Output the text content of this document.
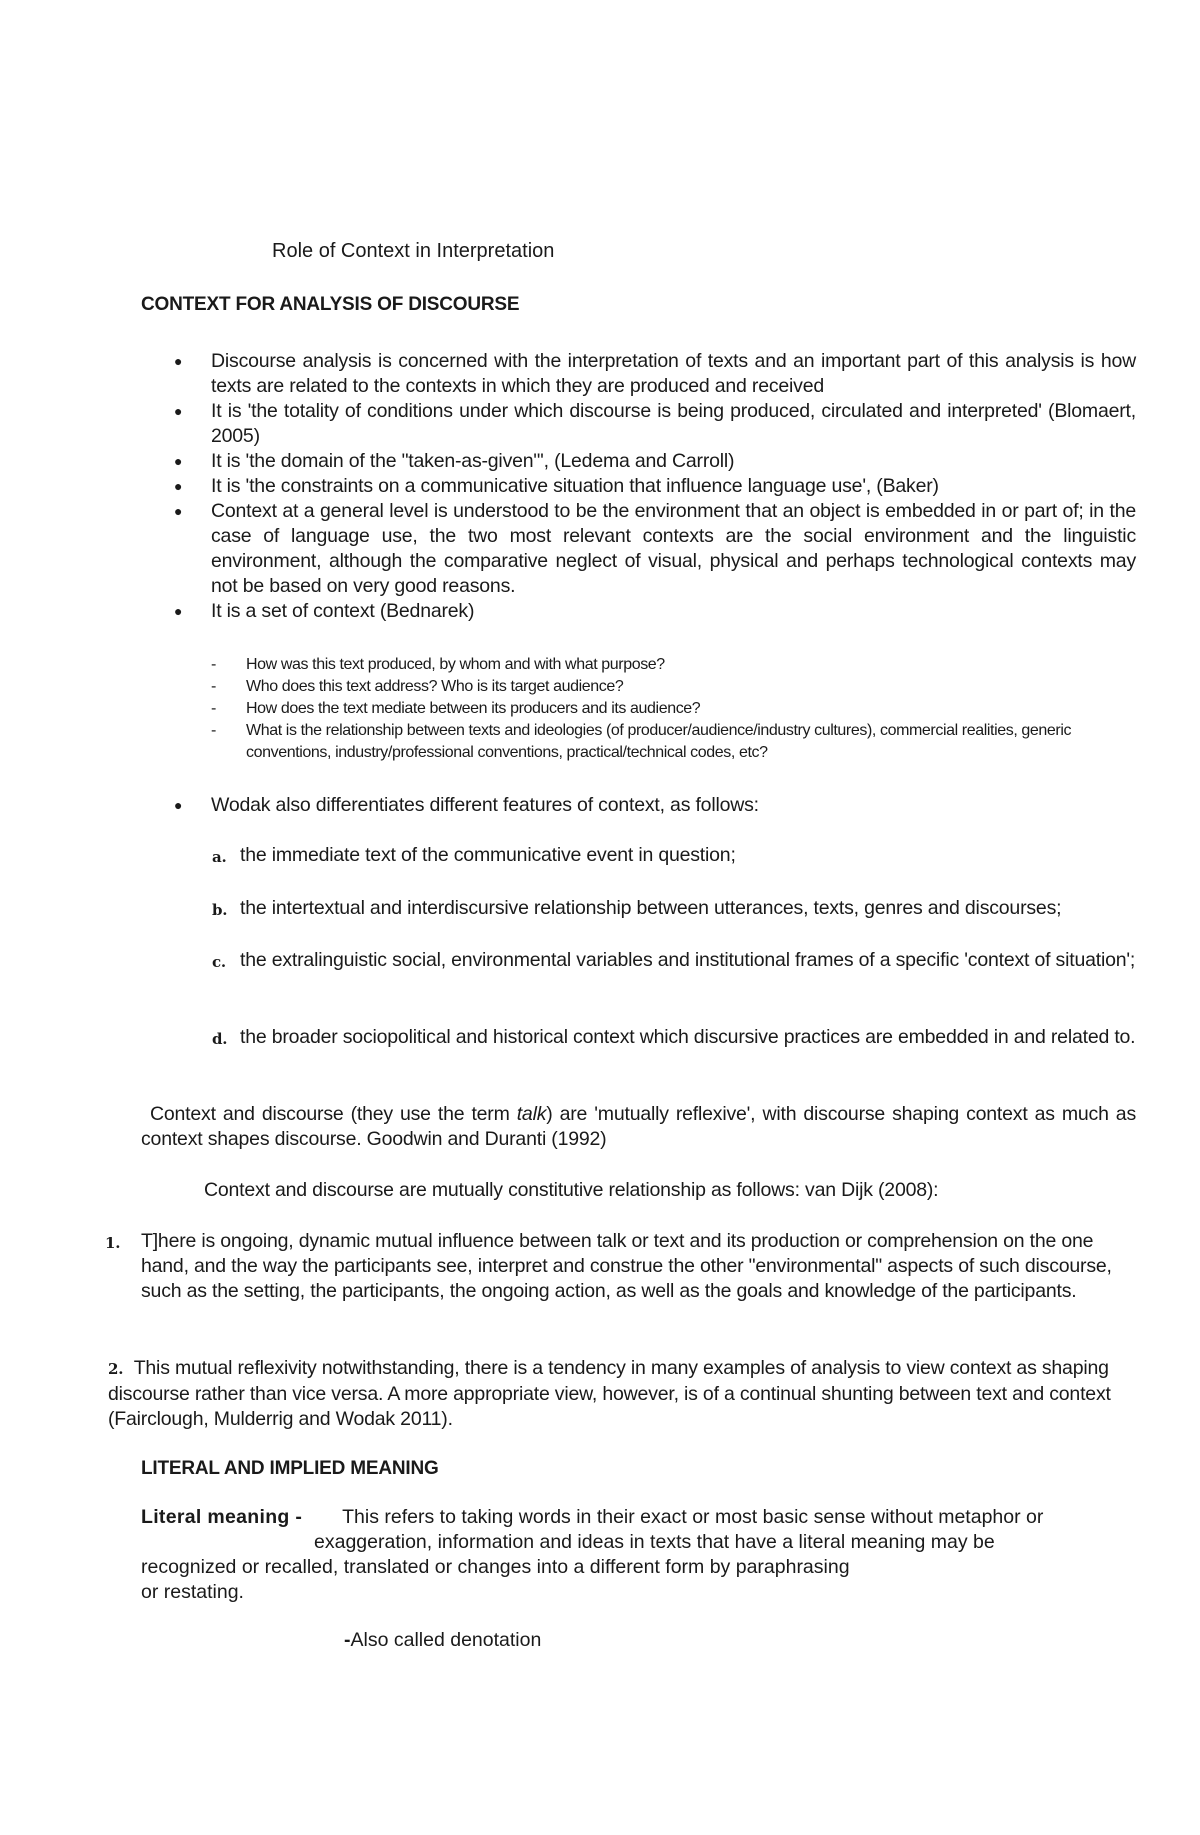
Role of Context in Interpretation
CONTEXT FOR ANALYSIS OF DISCOURSE
● Discourse analysis is concerned with the interpretation of texts and an important part of this analysis is how texts are related to the contexts in which they are produced and received
● It is 'the totality of conditions under which discourse is being produced, circulated and interpreted' (Blomaert, 2005)
● It is 'the domain of the "taken-as-given"', (Ledema and Carroll)
● It is 'the constraints on a communicative situation that influence language use', (Baker)
● Context at a general level is understood to be the environment that an object is embedded in or part of; in the case of language use, the two most relevant contexts are the social environment and the linguistic environment, although the comparative neglect of visual, physical and perhaps technological contexts may not be based on very good reasons.
● It is a set of context (Bednarek)
- How was this text produced, by whom and with what purpose?
- Who does this text address? Who is its target audience?
- How does the text mediate between its producers and its audience?
- What is the relationship between texts and ideologies (of producer/audience/industry cultures), commercial realities, generic conventions, industry/professional conventions, practical/technical codes, etc?
● Wodak also differentiates different features of context, as follows:
a. the immediate text of the communicative event in question;
b. the intertextual and interdiscursive relationship between utterances, texts, genres and discourses;
c. the extralinguistic social, environmental variables and institutional frames of a specific 'context of situation';
d. the broader sociopolitical and historical context which discursive practices are embedded in and related to.
Context and discourse (they use the term talk) are 'mutually reflexive', with discourse shaping context as much as context shapes discourse. Goodwin and Duranti (1992)
Context and discourse are mutually constitutive relationship as follows: van Dijk (2008):
1. T]here is ongoing, dynamic mutual influence between talk or text and its production or comprehension on the one hand, and the way the participants see, interpret and construe the other "environmental" aspects of such discourse, such as the setting, the participants, the ongoing action, as well as the goals and knowledge of the participants.
2. This mutual reflexivity notwithstanding, there is a tendency in many examples of analysis to view context as shaping discourse rather than vice versa. A more appropriate view, however, is of a continual shunting between text and context (Fairclough, Mulderrig and Wodak 2011).
LITERAL AND IMPLIED MEANING
Literal meaning - This refers to taking words in their exact or most basic sense without metaphor or
exaggeration, information and ideas in texts that have a literal meaning may be
recognized or recalled, translated or changes into a different form by paraphrasing
or restating.
-Also called denotation
